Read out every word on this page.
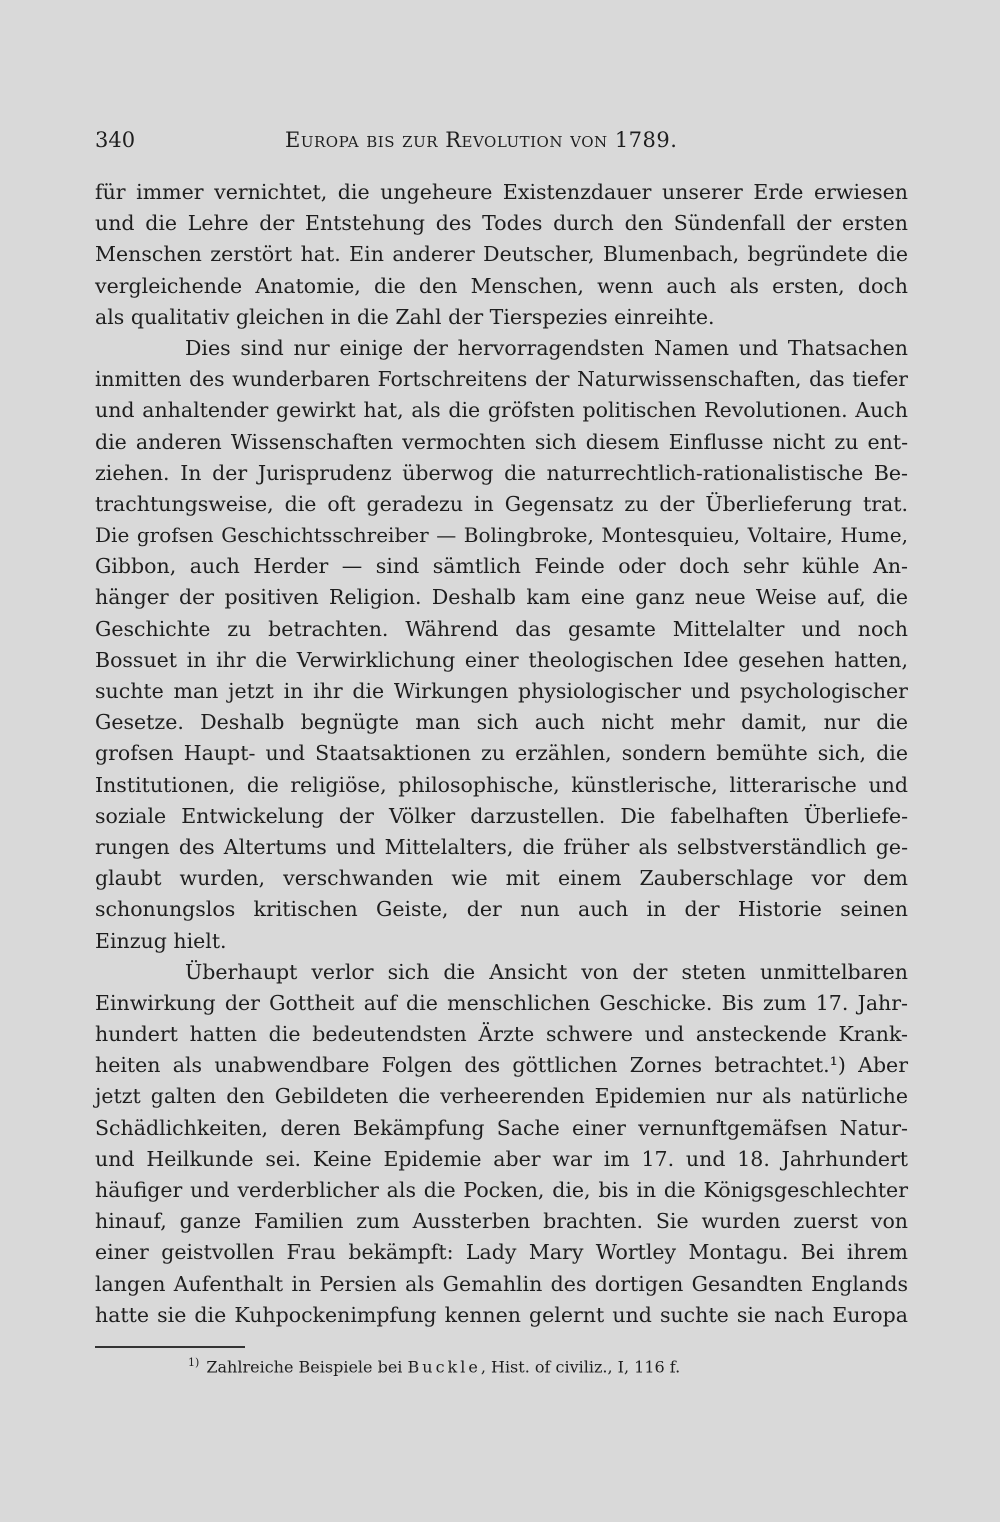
340	Europa bis zur Revolution von 1789.
für immer vernichtet, die ungeheure Existenzdauer unserer Erde erwiesen
und die Lehre der Entstehung des Todes durch den Sündenfall der ersten
Menschen zerstört hat. Ein anderer Deutscher, Blumenbach, begründete die
vergleichende Anatomie, die den Menschen, wenn auch als ersten, doch
als qualitativ gleichen in die Zahl der Tierspezies einreihte.
Dies sind nur einige der hervorragendsten Namen und Thatsachen
inmitten des wunderbaren Fortschreitens der Naturwissenschaften, das tiefer
und anhaltender gewirkt hat, als die gröfsten politischen Revolutionen. Auch
die anderen Wissenschaften vermochten sich diesem Einflusse nicht zu ent-
ziehen. In der Jurisprudenz überwog die naturrechtlich-rationalistische Be-
trachtungsweise, die oft geradezu in Gegensatz zu der Überlieferung trat.
Die grofsen Geschichtsschreiber — Bolingbroke, Montesquieu, Voltaire, Hume,
Gibbon, auch Herder — sind sämtlich Feinde oder doch sehr kühle An-
hänger der positiven Religion. Deshalb kam eine ganz neue Weise auf, die
Geschichte zu betrachten. Während das gesamte Mittelalter und noch
Bossuet in ihr die Verwirklichung einer theologischen Idee gesehen hatten,
suchte man jetzt in ihr die Wirkungen physiologischer und psychologischer
Gesetze. Deshalb begnügte man sich auch nicht mehr damit, nur die
grofsen Haupt- und Staatsaktionen zu erzählen, sondern bemühte sich, die
Institutionen, die religiöse, philosophische, künstlerische, litterarische und
soziale Entwickelung der Völker darzustellen. Die fabelhaften Überliefe-
rungen des Altertums und Mittelalters, die früher als selbstverständlich ge-
glaubt wurden, verschwanden wie mit einem Zauberschlage vor dem
schonungslos kritischen Geiste, der nun auch in der Historie seinen
Einzug hielt.
Überhaupt verlor sich die Ansicht von der steten unmittelbaren
Einwirkung der Gottheit auf die menschlichen Geschicke. Bis zum 17. Jahr-
hundert hatten die bedeutendsten Ärzte schwere und ansteckende Krank-
heiten als unabwendbare Folgen des göttlichen Zornes betrachtet.¹) Aber
jetzt galten den Gebildeten die verheerenden Epidemien nur als natürliche
Schädlichkeiten, deren Bekämpfung Sache einer vernunftgemäfsen Natur-
und Heilkunde sei. Keine Epidemie aber war im 17. und 18. Jahrhundert
häufiger und verderblicher als die Pocken, die, bis in die Königsgeschlechter
hinauf, ganze Familien zum Aussterben brachten. Sie wurden zuerst von
einer geistvollen Frau bekämpft: Lady Mary Wortley Montagu. Bei ihrem
langen Aufenthalt in Persien als Gemahlin des dortigen Gesandten Englands
hatte sie die Kuhpockenimpfung kennen gelernt und suchte sie nach Europa
$^{1)}$ Zahlreiche Beispiele bei Buckle, Hist. of civiliz., I, 116 f.
